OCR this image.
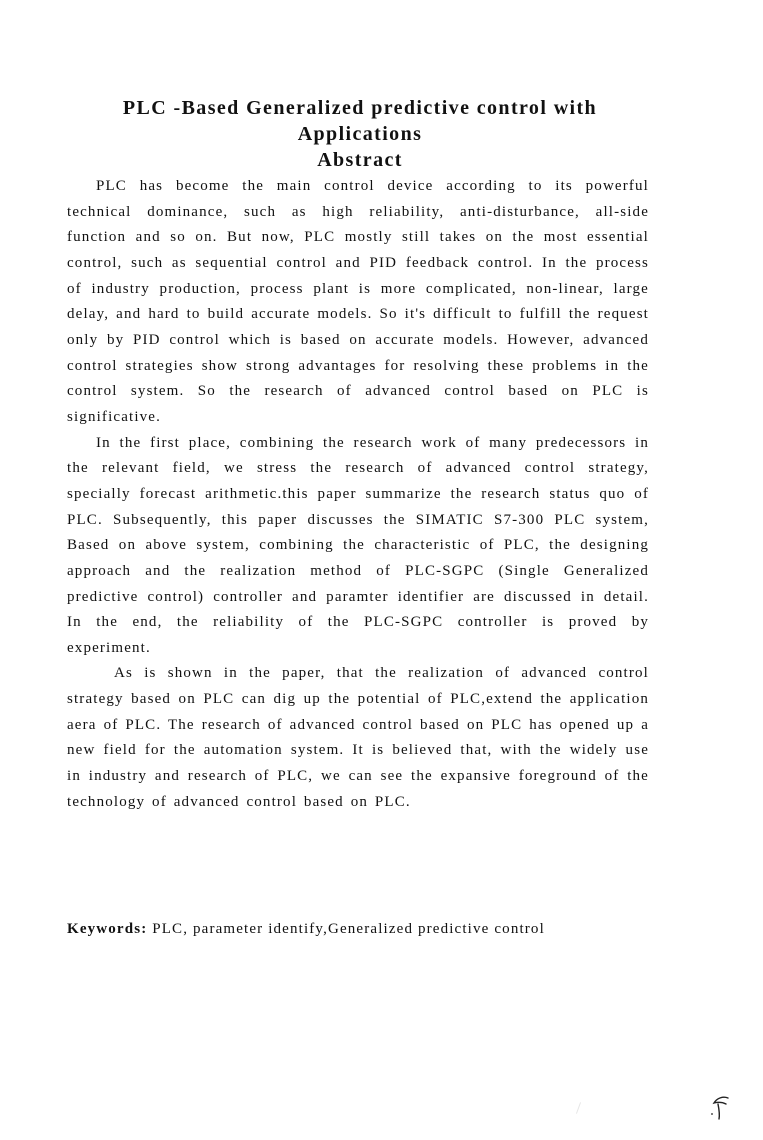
PLC -Based Generalized predictive control with
Applications
Abstract

PLC has become the main control device according to its powerful technical dominance, such as high reliability, anti-disturbance, all-side function and so on. But now, PLC mostly still takes on the most essential control, such as sequential control and PID feedback control. In the process of industry production, process plant is more complicated, non-linear, large delay, and hard to build accurate models. So it's difficult to fulfill the request only by PID control which is based on accurate models. However, advanced control strategies show strong advantages for resolving these problems in the control system. So the research of advanced control based on PLC is significative.

In the first place, combining the research work of many predecessors in the relevant field, we stress the research of advanced control strategy, specially forecast arithmetic.this paper summarize the research status quo of PLC. Subsequently, this paper discusses the SIMATIC S7-300 PLC system, Based on above system, combining the characteristic of PLC, the designing approach and the realization method of PLC-SGPC (Single Generalized predictive control) controller and paramter identifier are discussed in detail. In the end, the reliability of the PLC-SGPC controller is proved by experiment.

As is shown in the paper, that the realization of advanced control strategy based on PLC can dig up the potential of PLC,extend the application aera of PLC. The research of advanced control based on PLC has opened up a new field for the automation system. It is believed that, with the widely use in industry and research of PLC, we can see the expansive foreground of the technology of advanced control based on PLC.

Keywords: PLC, parameter identify,Generalized predictive control
